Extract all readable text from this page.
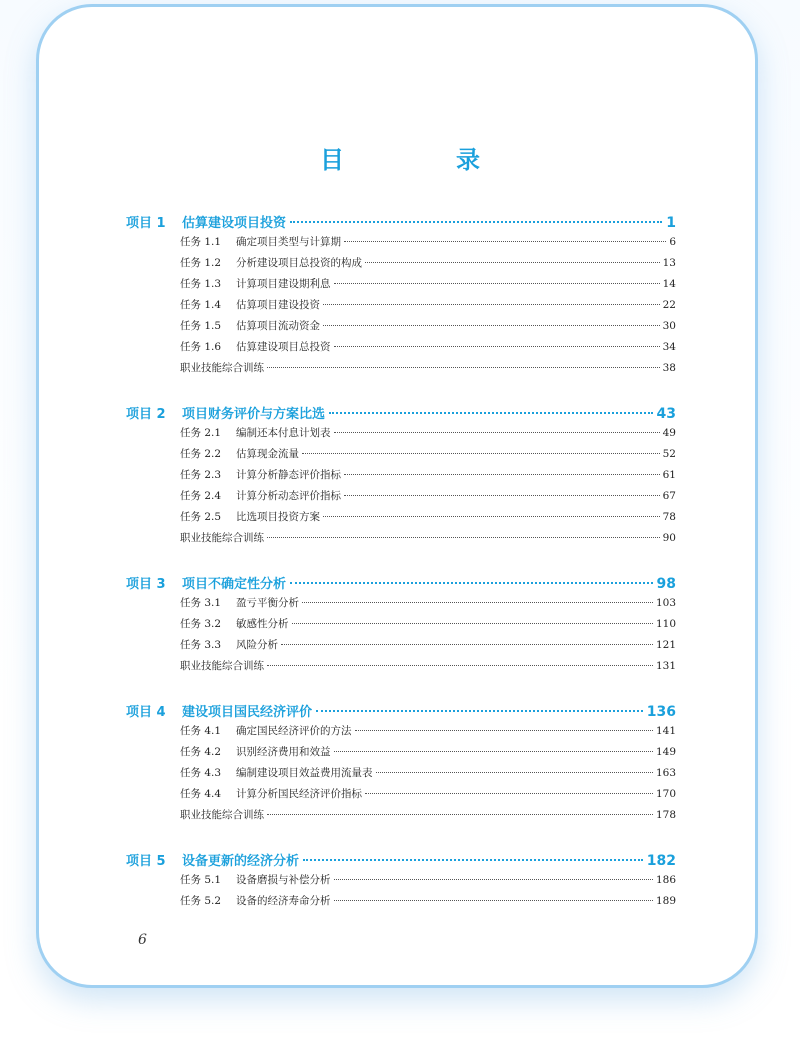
目　录
项目 1	估算建设项目投资	1
任务 1.1	确定项目类型与计算期	6
任务 1.2	分析建设项目总投资的构成	13
任务 1.3	计算项目建设期利息	14
任务 1.4	估算项目建设投资	22
任务 1.5	估算项目流动资金	30
任务 1.6	估算建设项目总投资	34
职业技能综合训练	38
项目 2	项目财务评价与方案比选	43
任务 2.1	编制还本付息计划表	49
任务 2.2	估算现金流量	52
任务 2.3	计算分析静态评价指标	61
任务 2.4	计算分析动态评价指标	67
任务 2.5	比选项目投资方案	78
职业技能综合训练	90
项目 3	项目不确定性分析	98
任务 3.1	盈亏平衡分析	103
任务 3.2	敏感性分析	110
任务 3.3	风险分析	121
职业技能综合训练	131
项目 4	建设项目国民经济评价	136
任务 4.1	确定国民经济评价的方法	141
任务 4.2	识别经济费用和效益	149
任务 4.3	编制建设项目效益费用流量表	163
任务 4.4	计算分析国民经济评价指标	170
职业技能综合训练	178
项目 5	设备更新的经济分析	182
任务 5.1	设备磨损与补偿分析	186
任务 5.2	设备的经济寿命分析	189
6
